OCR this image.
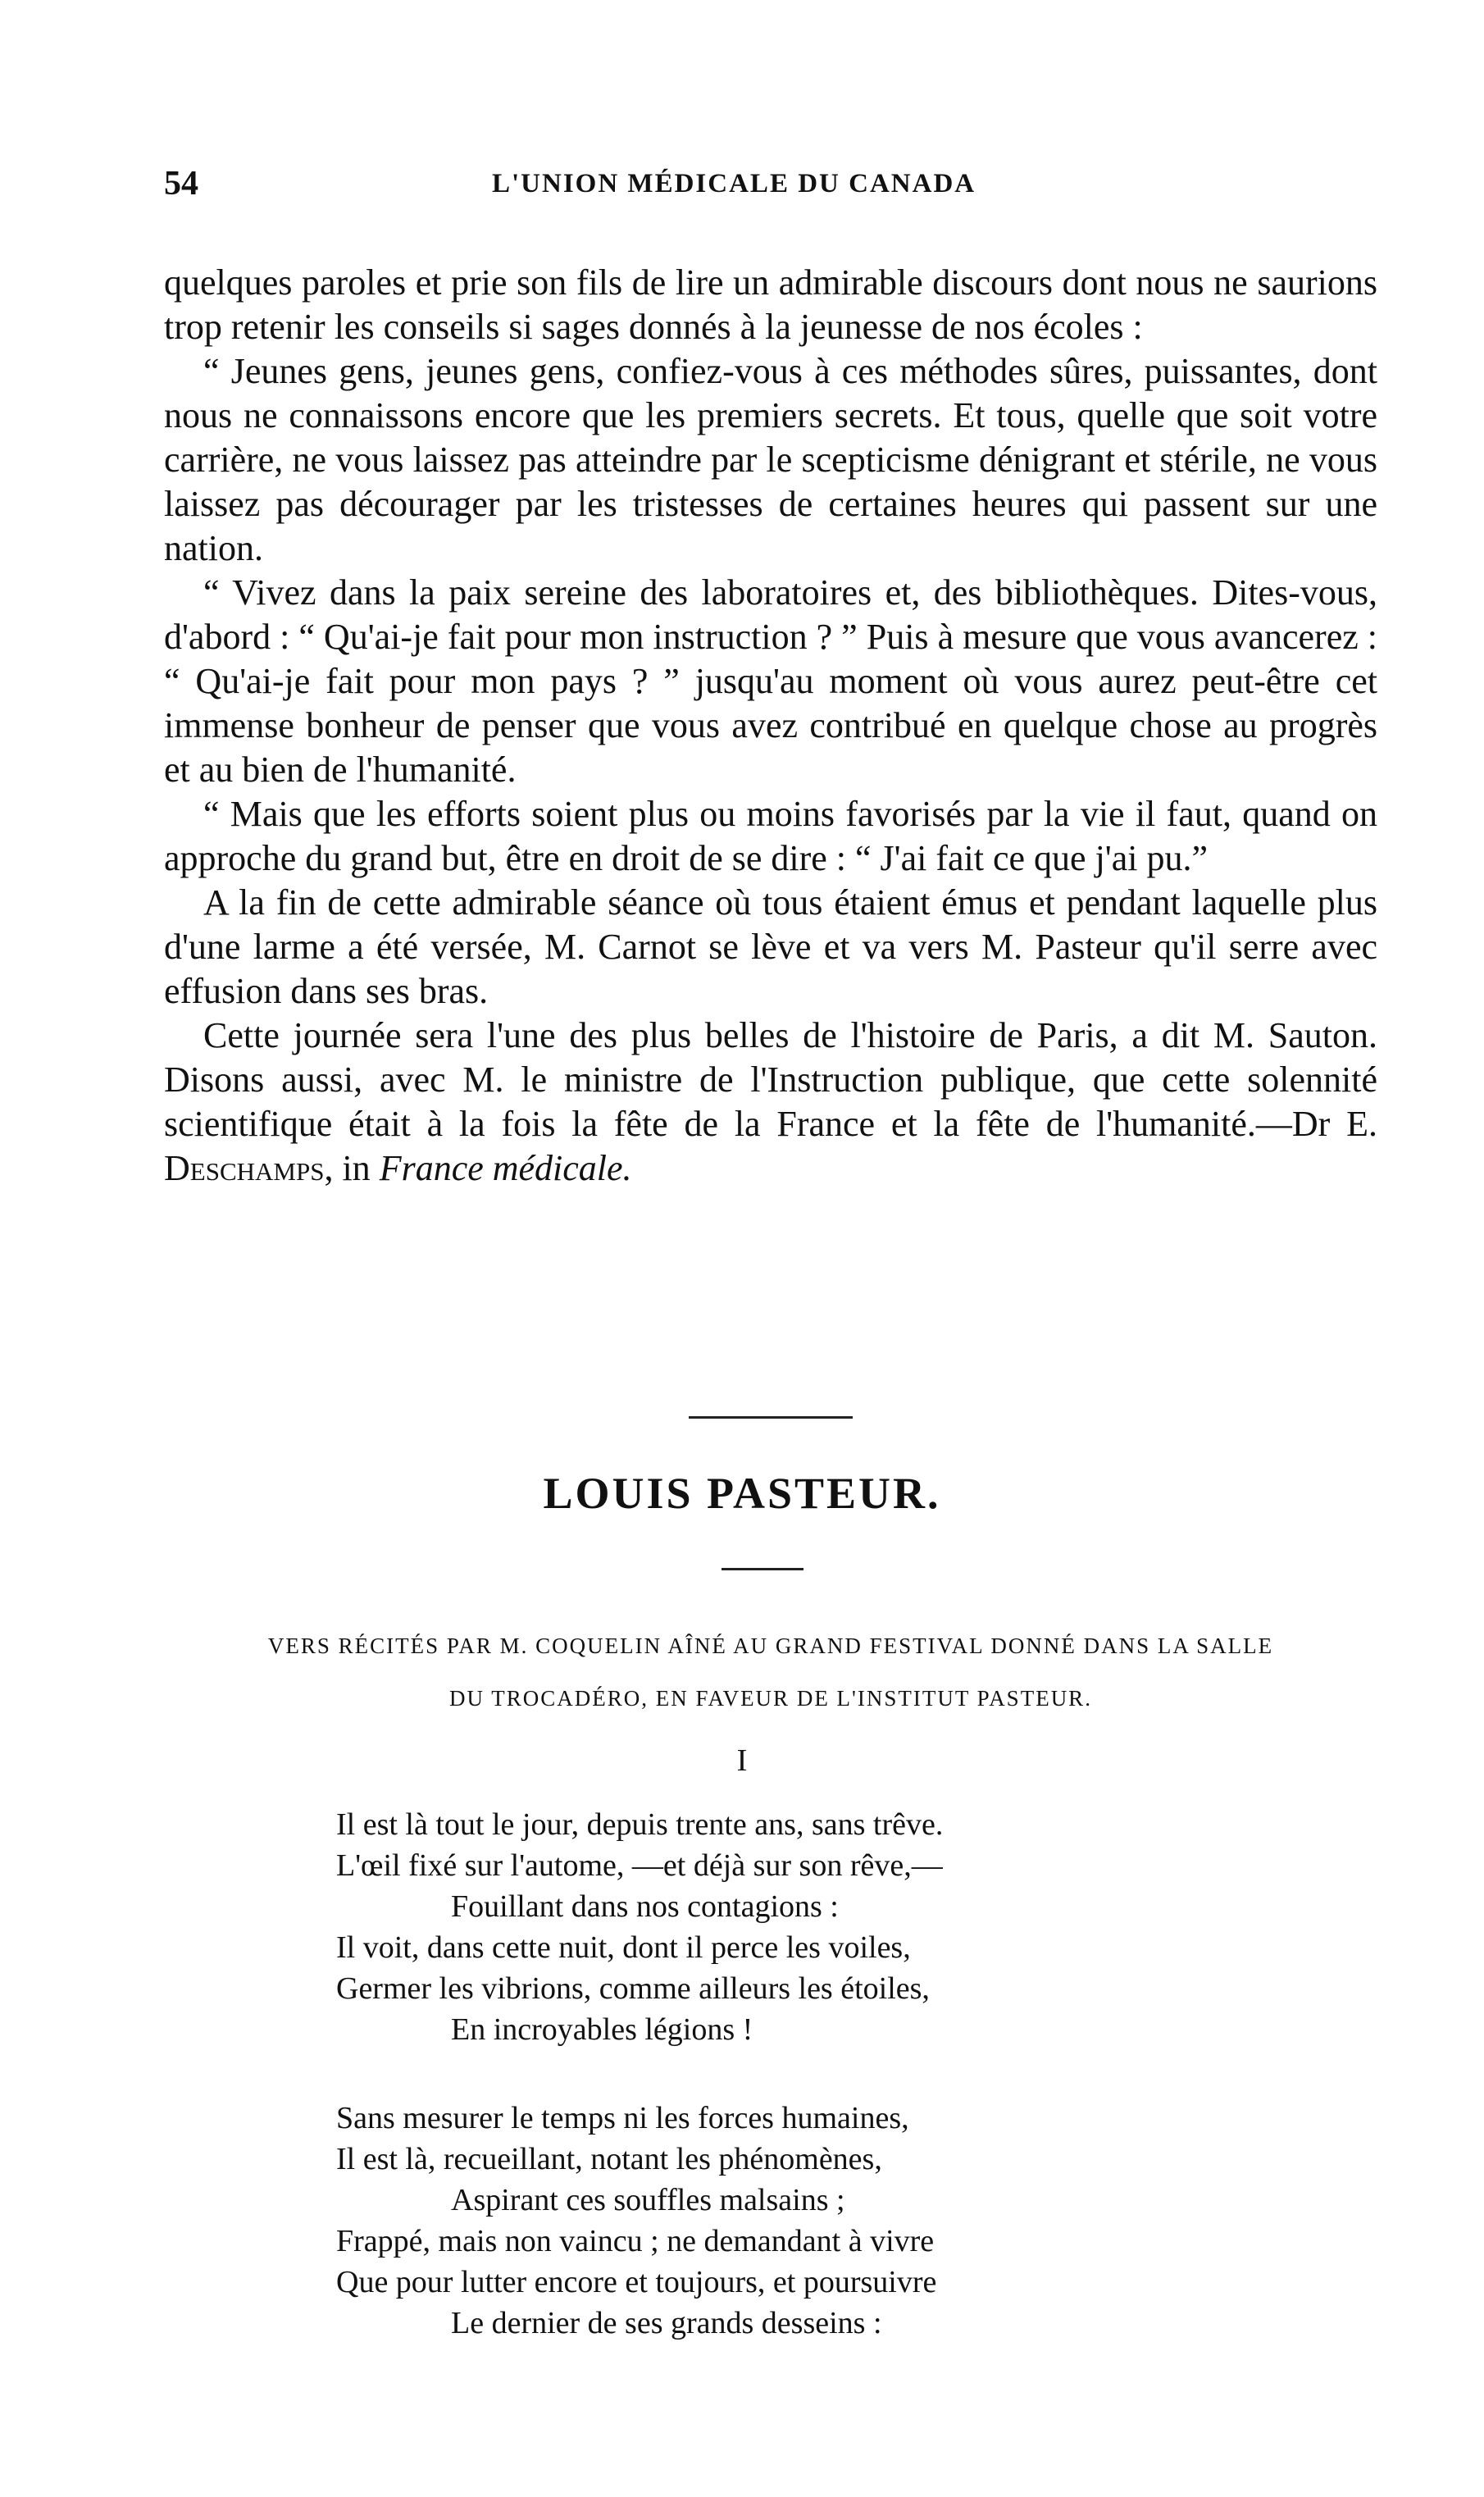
54	L'UNION MÉDICALE DU CANADA

quelques paroles et prie son fils de lire un admirable discours dont nous ne saurions trop retenir les conseils si sages donnés à la jeunesse de nos écoles :

“ Jeunes gens, jeunes gens, confiez-vous à ces méthodes sûres, puissantes, dont nous ne connaissons encore que les premiers secrets. Et tous, quelle que soit votre carrière, ne vous laissez pas atteindre par le scepticisme dénigrant et stérile, ne vous laissez pas décourager par les tristesses de certaines heures qui passent sur une nation.

“ Vivez dans la paix sereine des laboratoires et, des bibliothèques. Dites-vous, d'abord : “ Qu'ai-je fait pour mon instruction ? ” Puis à mesure que vous avancerez : “ Qu'ai-je fait pour mon pays ? ” jusqu'au moment où vous aurez peut-être cet immense bonheur de penser que vous avez contribué en quelque chose au progrès et au bien de l'humanité.

“ Mais que les efforts soient plus ou moins favorisés par la vie il faut, quand on approche du grand but, être en droit de se dire : “ J'ai fait ce que j'ai pu.”

A la fin de cette admirable séance où tous étaient émus et pendant laquelle plus d'une larme a été versée, M. Carnot se lève et va vers M. Pasteur qu'il serre avec effusion dans ses bras.

Cette journée sera l'une des plus belles de l'histoire de Paris, a dit M. Sauton. Disons aussi, avec M. le ministre de l'Instruction publique, que cette solennité scientifique était à la fois la fête de la France et la fête de l'humanité.—Dr E. Deschamps, in France médicale.

LOUIS PASTEUR.
VERS RÉCITÉS PAR M. COQUELIN AÎNÉ AU GRAND FESTIVAL DONNÉ DANS LA SALLE
DU TROCADÉRO, EN FAVEUR DE L'INSTITUT PASTEUR.
I
Il est là tout le jour, depuis trente ans, sans trêve.
L'œil fixé sur l'autome, —et déjà sur son rêve,—
Fouillant dans nos contagions :
Il voit, dans cette nuit, dont il perce les voiles,
Germer les vibrions, comme ailleurs les étoiles,
En incroyables légions !
Sans mesurer le temps ni les forces humaines,
Il est là, recueillant, notant les phénomènes,
Aspirant ces souffles malsains ;
Frappé, mais non vaincu ; ne demandant à vivre
Que pour lutter encore et toujours, et poursuivre
Le dernier de ses grands desseins :
